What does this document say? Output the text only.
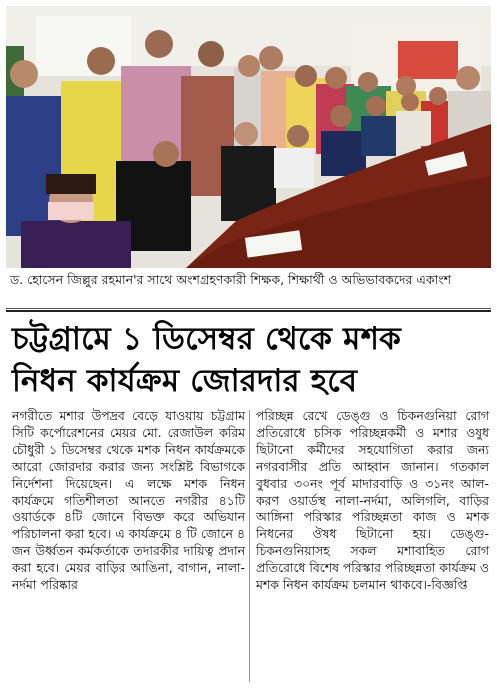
ড. হোসেন জিল্লুর রহমান'র সাথে অংশগ্রহণকারী শিক্ষক, শিক্ষার্থী ও অভিভাবকদের একাংশ
চট্টগ্রামে ১ ডিসেম্বর থেকে মশক
নিধন কার্যক্রম জোরদার হবে
নগরীতে মশার উপদ্রব বেড়ে যাওয়ায় চট্টগ্রাম সিটি কর্পোরেশনের মেয়র মো. রেজাউল করিম চৌধুরী ১ ডিসেম্বর থেকে মশক নিধন কার্যক্রমকে আরো জোরদার করার জন্য সংশ্লিষ্ট বিভাগকে নির্দেশনা দিয়েছেন। এ লক্ষে মশক নিধন কার্যক্রমে গতিশীলতা আনতে নগরীর ৪১টি ওয়ার্ডকে ৪টি জোনে বিভক্ত করে অভিযান পরিচালনা করা হবে। এ কার্যক্রমে ৪ টি জোনে ৪ জন উর্ধ্বতন কর্মকর্তাকে তদারকীর দায়িত্ব প্রদান করা হবে। মেয়র বাড়ির আঙিনা, বাগান, নালা-নর্দমা পরিষ্কার
পরিচ্ছন্ন রেখে ডেঙ্গু ও চিকনগুনিয়া রোগ প্রতিরোধে চসিক পরিচ্ছন্নকর্মী ও মশার ওষুধ ছিটানো কর্মীদের সহযোগিতা করার জন্য নগরবাসীর প্রতি আহ্বান জানান। গতকাল বুধবার ৩০নং পূর্ব মাদারবাড়ি ও ৩১নং আল-করণ ওয়ার্ডস্থ নালা-নর্দমা, অলিগলি, বাড়ির আঙ্গিনা পরিস্কার পরিচ্ছন্নতা কাজ ও মশক নিধনের ঔষধ ছিটানো হয়। ডেঙ্গু-চিকনগুনিয়াসহ সকল মশাবাহিত রোগ প্রতিরোধে বিশেষ পরিস্কার পরিচ্ছন্নতা কার্যক্রম ও মশক নিধন কার্যক্রম চলমান থাকবে।-বিজ্ঞপ্তি
